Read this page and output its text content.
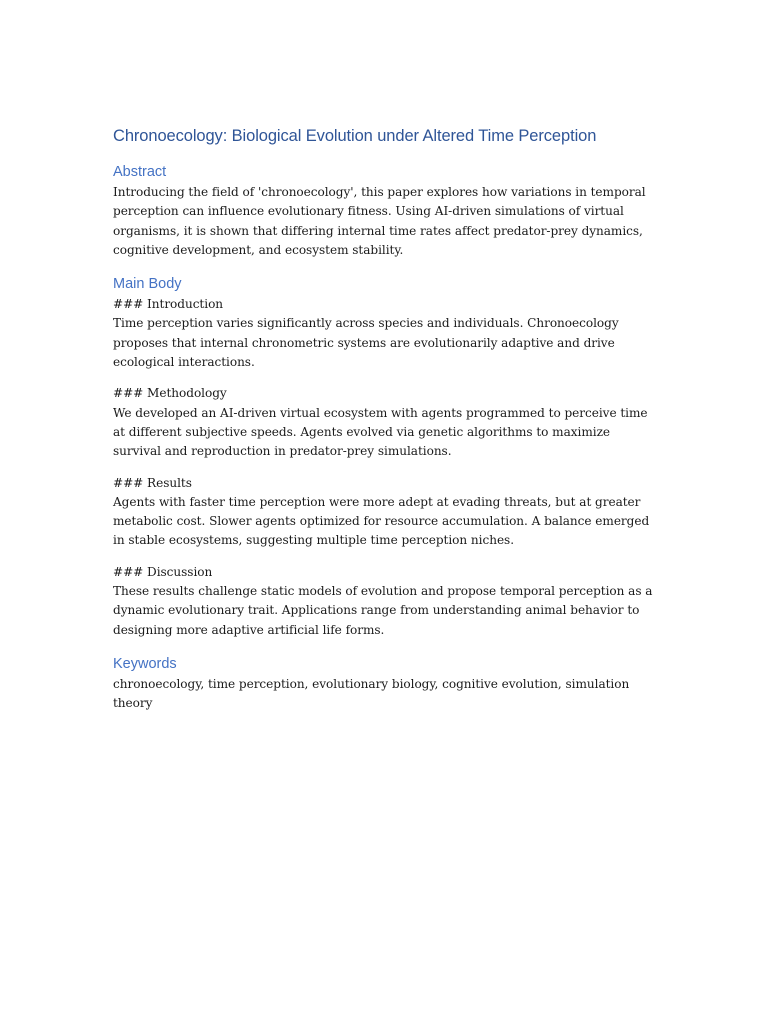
Chronoecology: Biological Evolution under Altered Time Perception
Abstract

Introducing the field of 'chronoecology', this paper explores how variations in temporal perception can influence evolutionary fitness. Using AI-driven simulations of virtual organisms, it is shown that differing internal time rates affect predator-prey dynamics, cognitive development, and ecosystem stability.

Main Body

### Introduction

Time perception varies significantly across species and individuals. Chronoecology proposes that internal chronometric systems are evolutionarily adaptive and drive ecological interactions.

### Methodology

We developed an AI-driven virtual ecosystem with agents programmed to perceive time at different subjective speeds. Agents evolved via genetic algorithms to maximize survival and reproduction in predator-prey simulations.

### Results

Agents with faster time perception were more adept at evading threats, but at greater metabolic cost. Slower agents optimized for resource accumulation. A balance emerged in stable ecosystems, suggesting multiple time perception niches.

### Discussion

These results challenge static models of evolution and propose temporal perception as a dynamic evolutionary trait. Applications range from understanding animal behavior to designing more adaptive artificial life forms.

Keywords

chronoecology, time perception, evolutionary biology, cognitive evolution, simulation theory
